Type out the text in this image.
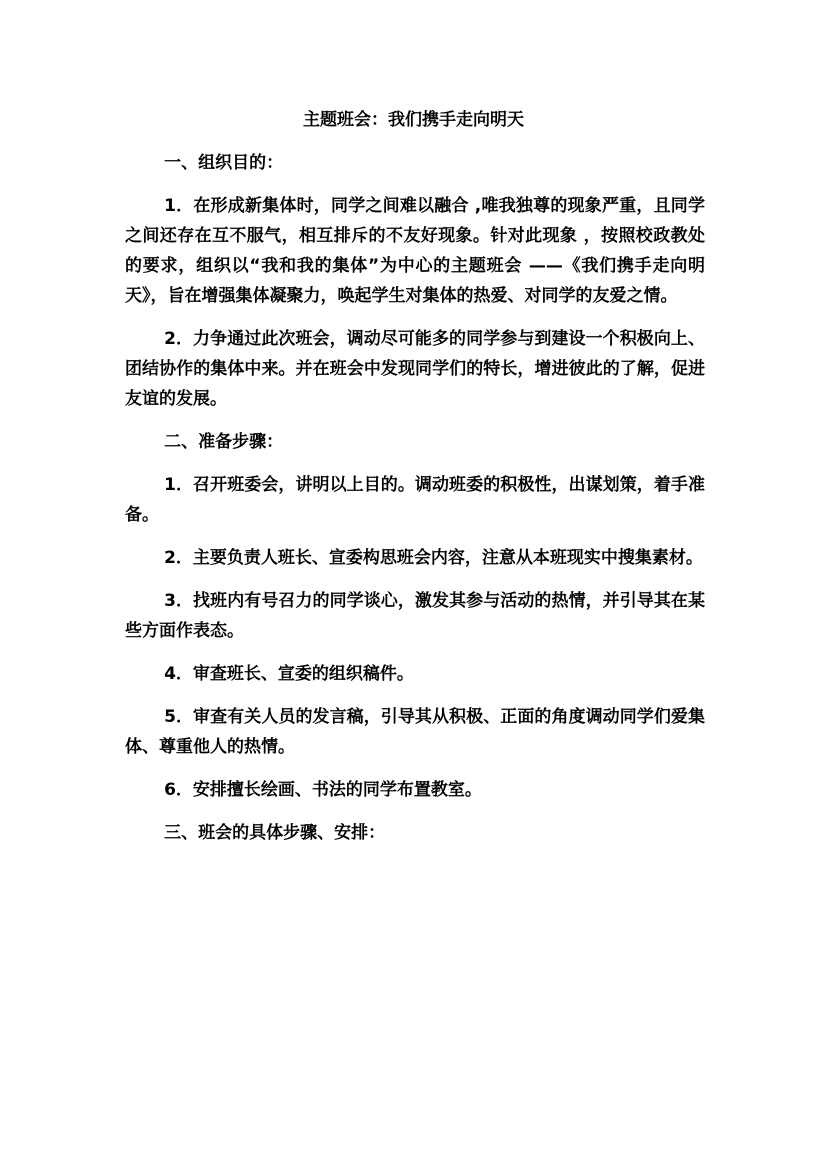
主题班会：我们携手走向明天

一、组织目的：

1．在形成新集体时，同学之间难以融合 ,唯我独尊的现象严重，且同学之间还存在互不服气，相互排斥的不友好现象。针对此现象 ，按照校政教处的要求，组织以“我和我的集体”为中心的主题班会 ——《我们携手走向明天》，旨在增强集体凝聚力，唤起学生对集体的热爱、对同学的友爱之情。

2．力争通过此次班会，调动尽可能多的同学参与到建设一个积极向上、团结协作的集体中来。并在班会中发现同学们的特长，增进彼此的了解，促进友谊的发展。

二、准备步骤：

1．召开班委会，讲明以上目的。调动班委的积极性，出谋划策，着手准备。

2．主要负责人班长、宣委构思班会内容，注意从本班现实中搜集素材。

3．找班内有号召力的同学谈心，激发其参与活动的热情，并引导其在某些方面作表态。

4．审查班长、宣委的组织稿件。

5．审查有关人员的发言稿，引导其从积极、正面的角度调动同学们爱集体、尊重他人的热情。

6．安排擅长绘画、书法的同学布置教室。

三、班会的具体步骤、安排：
